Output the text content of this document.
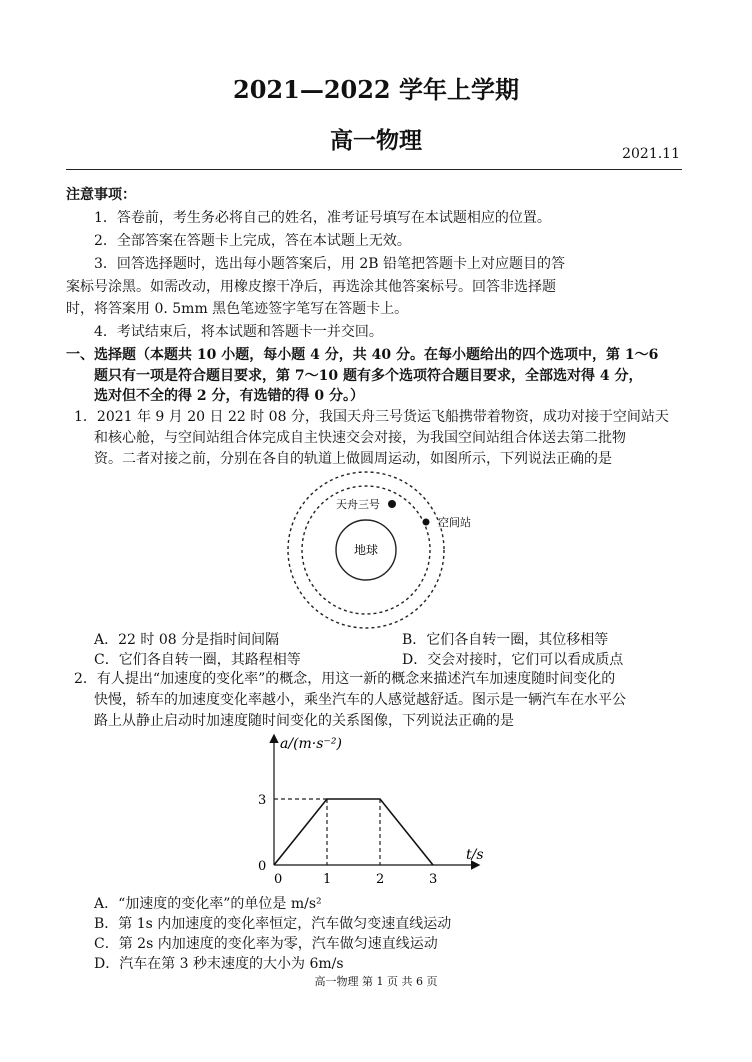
2021—2022 学年上学期
高一物理	2021.11
注意事项：
1．答卷前，考生务必将自己的姓名，准考证号填写在本试题相应的位置。
2．全部答案在答题卡上完成，答在本试题上无效。
3．回答选择题时，选出每小题答案后，用 2B 铅笔把答题卡上对应题目的答
案标号涂黑。如需改动，用橡皮擦干净后，再选涂其他答案标号。回答非选择题
时，将答案用 0. 5mm 黑色笔迹签字笔写在答题卡上。
4．考试结束后，将本试题和答题卡一并交回。
一、选择题（本题共 10 小题，每小题 4 分，共 40 分。在每小题给出的四个选项中，第 1～6
题只有一项是符合题目要求，第 7～10 题有多个选项符合题目要求，全部选对得 4 分，
选对但不全的得 2 分，有选错的得 0 分。）
1．2021 年 9 月 20 日 22 时 08 分，我国天舟三号货运飞船携带着物资，成功对接于空间站天
和核心舱，与空间站组合体完成自主快速交会对接，为我国空间站组合体送去第二批物
资。二者对接之前，分别在各自的轨道上做圆周运动，如图所示，下列说法正确的是
地球
天舟三号
空间站
A．22 时 08 分是指时间间隔	B．它们各自转一圈，其位移相等
C．它们各自转一圈，其路程相等	D．交会对接时，它们可以看成质点
2．有人提出“加速度的变化率”的概念，用这一新的概念来描述汽车加速度随时间变化的
快慢，轿车的加速度变化率越小，乘坐汽车的人感觉越舒适。图示是一辆汽车在水平公
路上从静止启动时加速度随时间变化的关系图像，下列说法正确的是
a/(m·s⁻²)
t/s
0	1	2	3
0
3
A．“加速度的变化率”的单位是 m/s²
B．第 1s 内加速度的变化率恒定，汽车做匀变速直线运动
C．第 2s 内加速度的变化率为零，汽车做匀速直线运动
D．汽车在第 3 秒末速度的大小为 6m/s
高一物理 第 1 页 共 6 页
